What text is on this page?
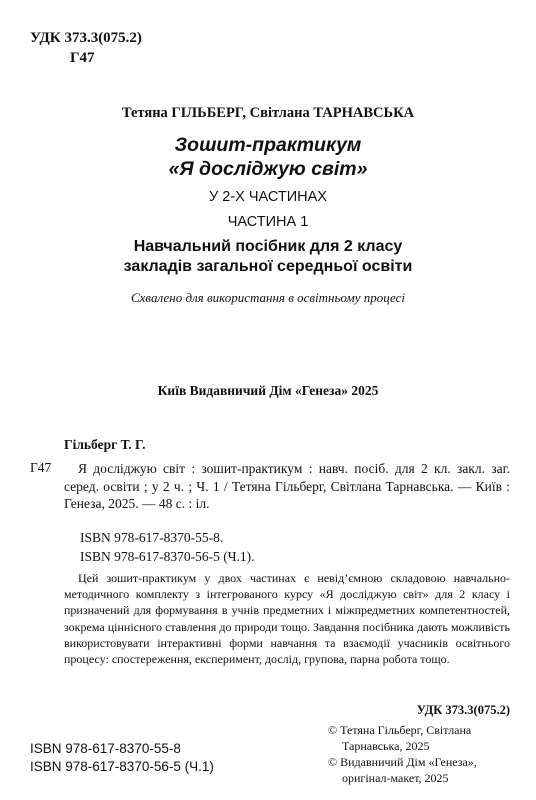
УДК 373.3(075.2)
Г47
Тетяна ГІЛЬБЕРГ, Світлана ТАРНАВСЬКА
Зошит-практикум
«Я досліджую світ»
У 2-Х ЧАСТИНАХ
ЧАСТИНА 1
Навчальний посібник для 2 класу закладів загальної середньої освіти
Схвалено для використання в освітньому процесі
Київ Видавничий Дім «Генеза» 2025
Гільберг Т. Г.
Г47	Я досліджую світ : зошит-практикум : навч. посіб. для 2 кл. закл. заг. серед. освіти ; у 2 ч. ; Ч. 1 / Тетяна Гільберг, Світлана Тарнавська. — Київ : Генеза, 2025. — 48 с. : іл.
ISBN 978-617-8370-55-8.
ISBN 978-617-8370-56-5 (Ч.1).
Цей зошит-практикум у двох частинах є невід’ємною складовою навчально-методичного комплекту з інтегрованого курсу «Я досліджую світ» для 2 класу і призначений для формування в учнів предметних і міжпредметних компетентностей, зокрема ціннісного ставлення до природи тощо. Завдання посібника дають можливість використовувати інтерактивні форми навчання та взаємодії учасників освітнього процесу: спостереження, експеримент, дослід, групова, парна робота тощо.
УДК 373.3(075.2)
ISBN 978-617-8370-55-8
ISBN 978-617-8370-56-5 (Ч.1)
© Тетяна Гільберг, Світлана
Тарнавська, 2025
© Видавничий Дім «Генеза»,
оригінал-макет, 2025
